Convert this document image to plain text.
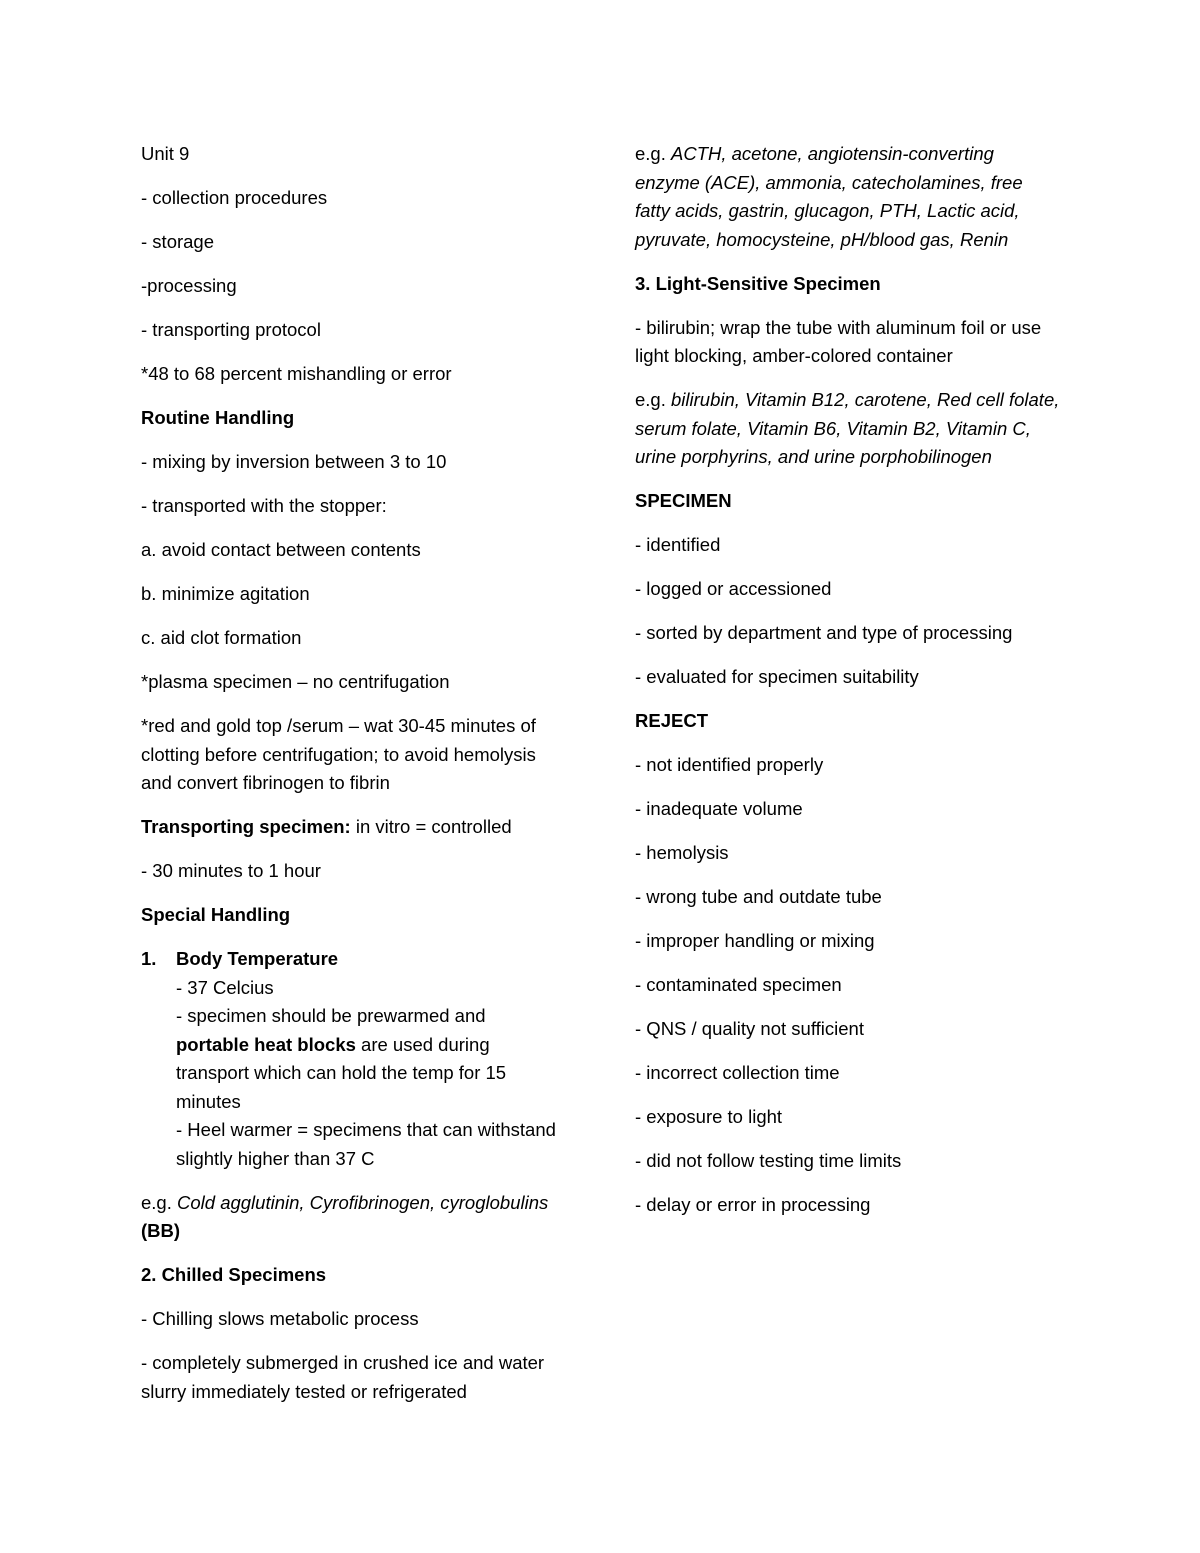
Unit 9

- collection procedures

- storage

-processing

- transporting protocol

*48 to 68 percent mishandling or error

Routine Handling

- mixing by inversion between 3 to 10

- transported with the stopper:

a. avoid contact between contents

b. minimize agitation

c. aid clot formation

*plasma specimen – no centrifugation

*red and gold top /serum – wat 30-45 minutes of clotting before centrifugation; to avoid hemolysis and convert fibrinogen to fibrin

Transporting specimen: in vitro = controlled

- 30 minutes to 1 hour

Special Handling

1. Body Temperature
- 37 Celcius
- specimen should be prewarmed and portable heat blocks are used during transport which can hold the temp for 15 minutes
- Heel warmer = specimens that can withstand slightly higher than 37 C

e.g. Cold agglutinin, Cyrofibrinogen, cyroglobulins (BB)

2. Chilled Specimens

- Chilling slows metabolic process

- completely submerged in crushed ice and water slurry immediately tested or refrigerated

e.g. ACTH, acetone, angiotensin-converting enzyme (ACE), ammonia, catecholamines, free fatty acids, gastrin, glucagon, PTH, Lactic acid, pyruvate, homocysteine, pH/blood gas, Renin

3. Light-Sensitive Specimen

- bilirubin; wrap the tube with aluminum foil or use light blocking, amber-colored container

e.g. bilirubin, Vitamin B12, carotene, Red cell folate, serum folate, Vitamin B6, Vitamin B2, Vitamin C, urine porphyrins, and urine porphobilinogen

SPECIMEN

- identified

- logged or accessioned

- sorted by department and type of processing

- evaluated for specimen suitability

REJECT

- not identified properly

- inadequate volume

- hemolysis

- wrong tube and outdate tube

- improper handling or mixing

- contaminated specimen

- QNS / quality not sufficient

- incorrect collection time

- exposure to light

- did not follow testing time limits

- delay or error in processing
